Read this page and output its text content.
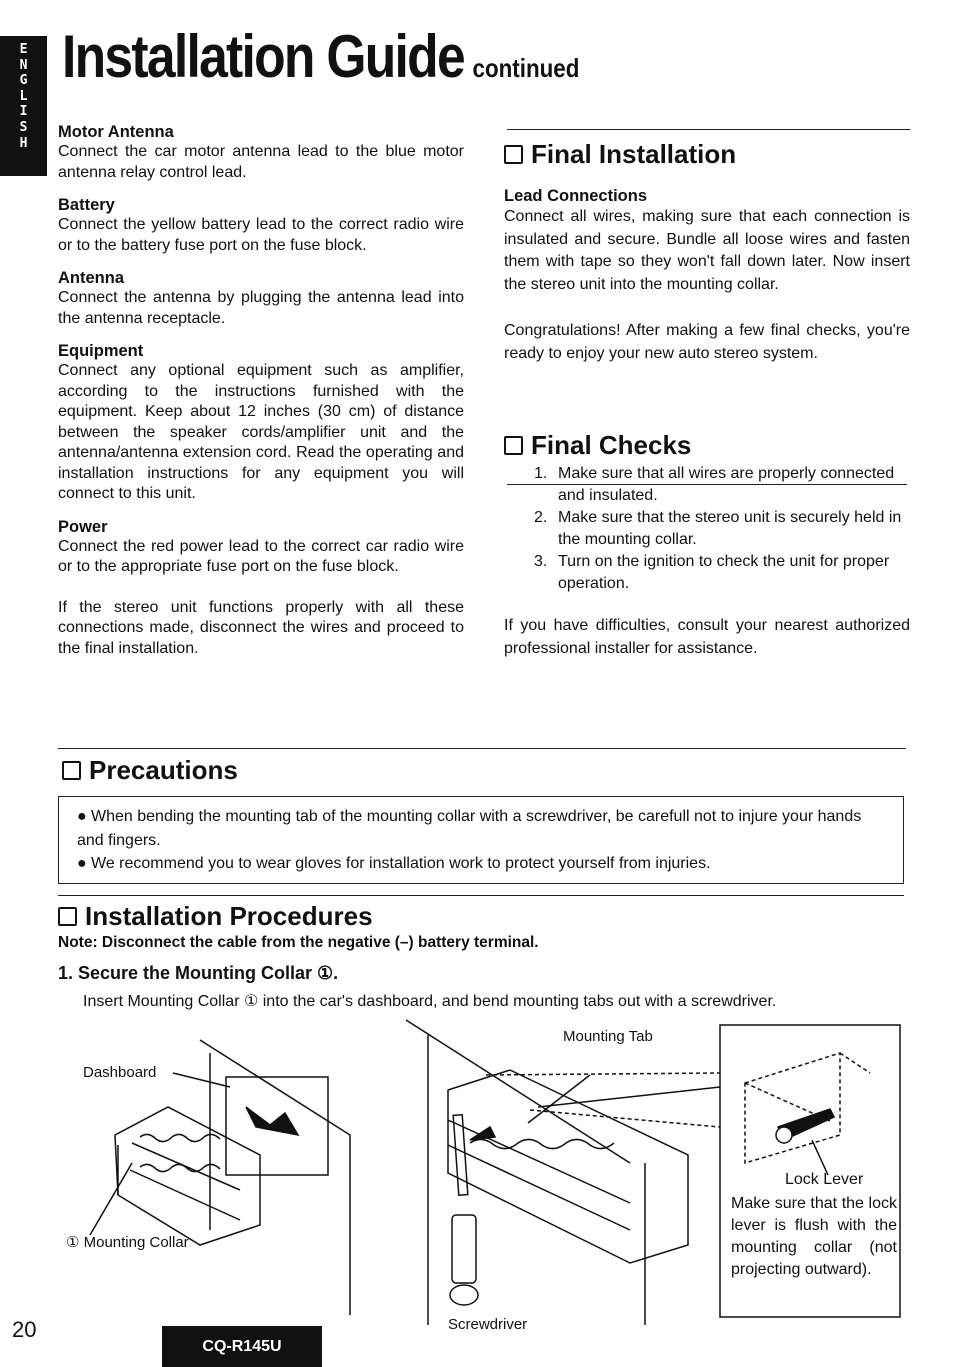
E
N
G
L
I
S
H
Installation Guide continued
Motor Antenna
Connect the car motor antenna lead to the blue motor antenna relay control lead.
Battery
Connect the yellow battery lead to the correct radio wire or to the battery fuse port on the fuse block.
Antenna
Connect the antenna by plugging the antenna lead into the antenna receptacle.
Equipment
Connect any optional equipment such as amplifier, according to the instructions furnished with the equipment. Keep about 12 inches (30 cm) of distance between the speaker cords/amplifier unit and the antenna/antenna extension cord. Read the operating and installation instructions for any equipment you will connect to this unit.
Power
Connect the red power lead to the correct car radio wire or to the appropriate fuse port on the fuse block.
If the stereo unit functions properly with all these connections made, disconnect the wires and proceed to the final installation.
Final Installation
Lead Connections
Connect all wires, making sure that each connection is insulated and secure. Bundle all loose wires and fasten them with tape so they won't fall down later. Now insert the stereo unit into the mounting collar.
Congratulations! After making a few final checks, you're ready to enjoy your new auto stereo system.
Final Checks
1. Make sure that all wires are properly connected and insulated.
2. Make sure that the stereo unit is securely held in the mounting collar.
3. Turn on the ignition to check the unit for proper operation.
If you have difficulties, consult your nearest authorized professional installer for assistance.
Precautions

● When bending the mounting tab of the mounting collar with a screwdriver, be carefull not to injure your hands and fingers.

● We recommend you to wear gloves for installation work to protect yourself from injuries.

Installation Procedures
Note: Disconnect the cable from the negative (–) battery terminal.
1. Secure the Mounting Collar ①.
Insert Mounting Collar ① into the car's dashboard, and bend mounting tabs out with a screwdriver.
Dashboard
① Mounting Collar
Mounting Tab
Screwdriver
Lock Lever
Make sure that the lock lever is flush with the mounting collar (not projecting outward).
20
CQ-R145U
